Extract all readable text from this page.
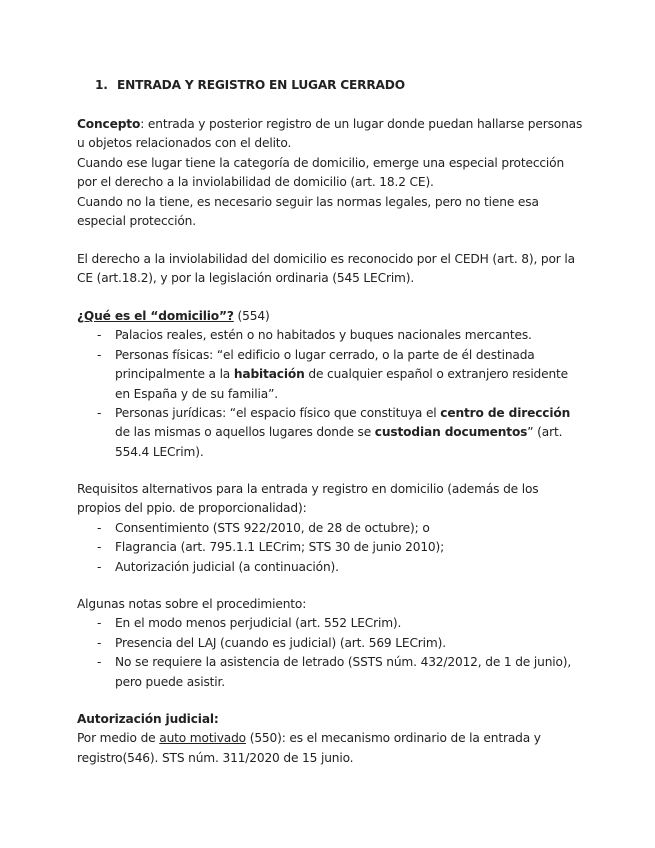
1. ENTRADA Y REGISTRO EN LUGAR CERRADO
Concepto: entrada y posterior registro de un lugar donde puedan hallarse personas
u objetos relacionados con el delito.
Cuando ese lugar tiene la categoría de domicilio, emerge una especial protección
por el derecho a la inviolabilidad de domicilio (art. 18.2 CE).
Cuando no la tiene, es necesario seguir las normas legales, pero no tiene esa
especial protección.
El derecho a la inviolabilidad del domicilio es reconocido por el CEDH (art. 8), por la
CE (art.18.2), y por la legislación ordinaria (545 LECrim).
¿Qué es el “domicilio”? (554)
- Palacios reales, estén o no habitados y buques nacionales mercantes.
- Personas físicas: “el edificio o lugar cerrado, o la parte de él destinada
principalmente a la habitación de cualquier español o extranjero residente
en España y de su familia”.
- Personas jurídicas: “el espacio físico que constituya el centro de dirección
de las mismas o aquellos lugares donde se custodian documentos” (art.
554.4 LECrim).
Requisitos alternativos para la entrada y registro en domicilio (además de los
propios del ppio. de proporcionalidad):
- Consentimiento (STS 922/2010, de 28 de octubre); o
- Flagrancia (art. 795.1.1 LECrim; STS 30 de junio 2010);
- Autorización judicial (a continuación).
Algunas notas sobre el procedimiento:
- En el modo menos perjudicial (art. 552 LECrim).
- Presencia del LAJ (cuando es judicial) (art. 569 LECrim).
- No se requiere la asistencia de letrado (SSTS núm. 432/2012, de 1 de junio),
pero puede asistir.
Autorización judicial:
Por medio de auto motivado (550): es el mecanismo ordinario de la entrada y
registro(546). STS núm. 311/2020 de 15 junio.
